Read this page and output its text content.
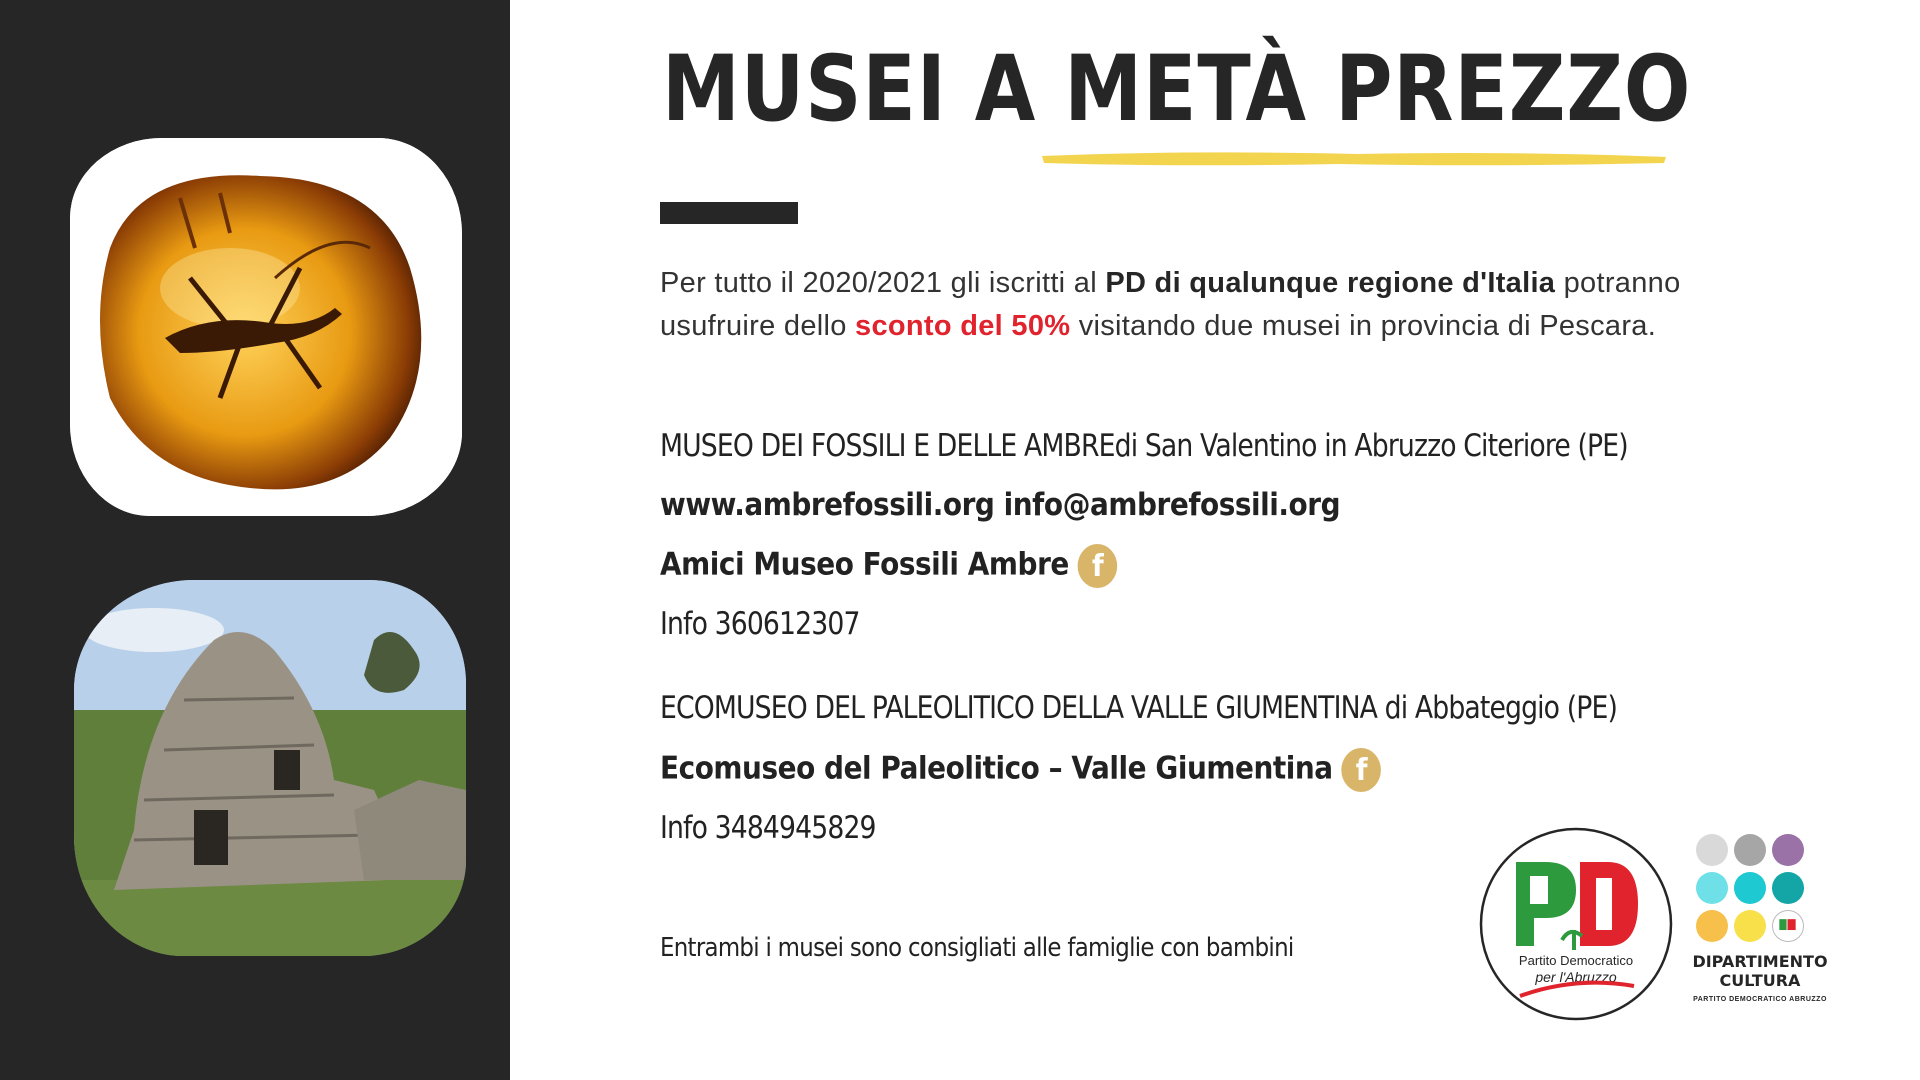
MUSEI A METÀ PREZZO

Per tutto il 2020/2021 gli iscritti al PD di qualunque regione d'Italia potranno usufruire dello sconto del 50% visitando due musei in provincia di Pescara.

MUSEO DEI FOSSILI E DELLE AMBREdi San Valentino in Abruzzo Citeriore (PE)
www.ambrefossili.org info@ambrefossili.org
Amici Museo Fossili Ambre f
Info 360612307
ECOMUSEO DEL PALEOLITICO DELLA VALLE GIUMENTINA di Abbateggio (PE)
Ecomuseo del Paleolitico – Valle Giumentina f
Info 3484945829
Entrambi i musei sono consigliati alle famiglie con bambini	Partito Democratico
per l'Abruzzo
DIPARTIMENTO
CULTURA
PARTITO DEMOCRATICO ABRUZZO
